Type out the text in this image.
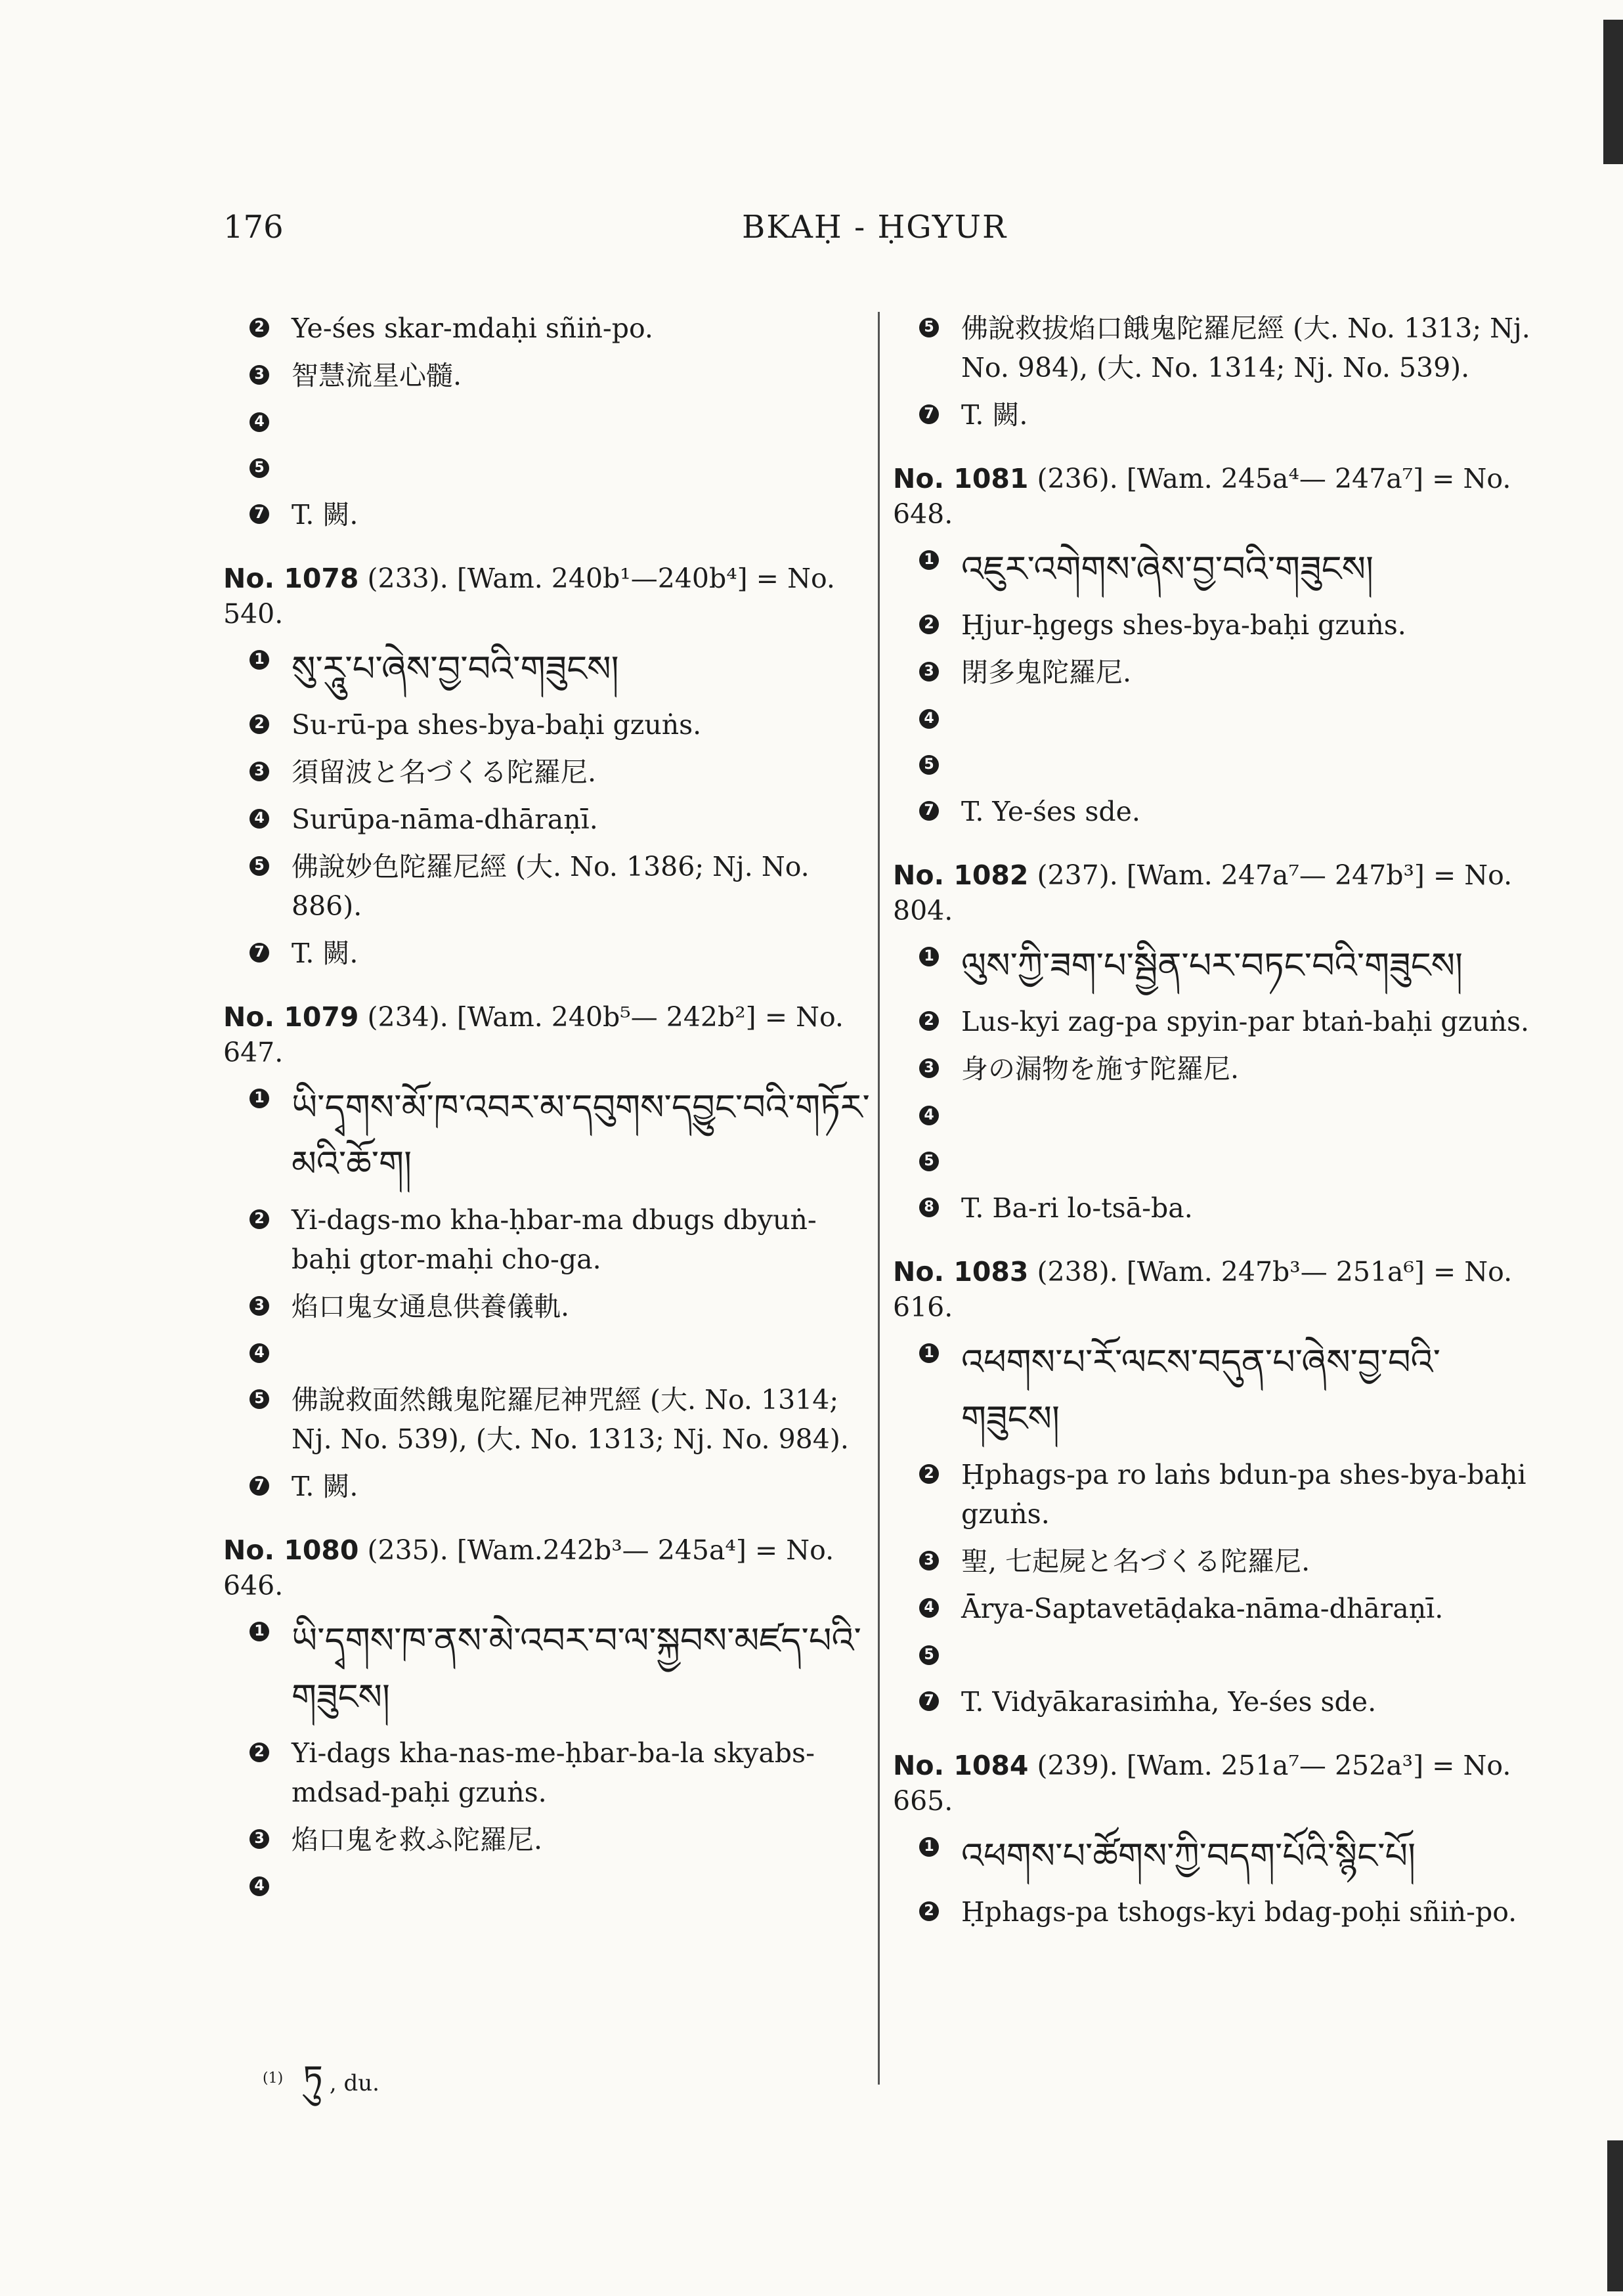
176	BKAḤ - ḤGYUR
2 Ye-śes skar-mdaḥi sñiṅ-po.
3 智慧流星心髓.
4
5
7 T. 闕.
No. 1078 (233). [Wam. 240b¹—240b⁴] = No. 540.
1 སུ་རཱུ་པ་ཞེས་བྱ་བའི་གཟུངས།
2 Su-rū-pa shes-bya-baḥi gzuṅs.
3 須留波と名づくる陀羅尼.
4 Surūpa-nāma-dhāraṇī.
5 佛說妙色陀羅尼經 (大. No. 1386; Nj. No. 886).
7 T. 闕.
No. 1079 (234). [Wam. 240b⁵— 242b²] = No. 647.
1 ཡི་དྭགས་མོ་ཁ་འབར་མ་དབུགས་དབྱུང་བའི་གཏོར་མའི་ཆོ་ག།
2 Yi-dags-mo kha-ḥbar-ma dbugs dbyuṅ-baḥi gtor-maḥi cho-ga.
3 焰口鬼女通息供養儀軌.
4
5 佛說救面然餓鬼陀羅尼神咒經 (大. No. 1314; Nj. No. 539), (大. No. 1313; Nj. No. 984).
7 T. 闕.
No. 1080 (235). [Wam.242b³— 245a⁴] = No. 646.
1 ཡི་དྭགས་ཁ་ནས་མེ་འབར་བ་ལ་སྐྱབས་མཛད་པའི་གཟུངས།
2 Yi-dags kha-nas-me-ḥbar-ba-la skyabs-mdsad-paḥi gzuṅs.
3 焰口鬼を救ふ陀羅尼.
4
5 佛說救拔焰口餓鬼陀羅尼經 (大. No. 1313; Nj. No. 984), (大. No. 1314; Nj. No. 539).
7 T. 闕.
No. 1081 (236). [Wam. 245a⁴— 247a⁷] = No. 648.
1 འཇུར་འགེགས་ཞེས་བྱ་བའི་གཟུངས།
2 Ḥjur-ḥgegs shes-bya-baḥi gzuṅs.
3 閉多鬼陀羅尼.
4
5
7 T. Ye-śes sde.
No. 1082 (237). [Wam. 247a⁷— 247b³] = No. 804.
1 ལུས་ཀྱི་ཟག་པ་སྦྱིན་པར་བཏང་བའི་གཟུངས།
2 Lus-kyi zag-pa spyin-par btaṅ-baḥi gzuṅs.
3 身の漏物を施す陀羅尼.
4
5
8 T. Ba-ri lo-tsā-ba.
No. 1083 (238). [Wam. 247b³— 251a⁶] = No. 616.
1 འཕགས་པ་རོ་ལངས་བདུན་པ་ཞེས་བྱ་བའི་གཟུངས།
2 Ḥphags-pa ro laṅs bdun-pa shes-bya-baḥi gzuṅs.
3 聖, 七起屍と名づくる陀羅尼.
4 Ārya-Saptavetāḍaka-nāma-dhāraṇī.
5
7 T. Vidyākarasiṁha, Ye-śes sde.
No. 1084 (239). [Wam. 251a⁷— 252a³] = No. 665.
1 འཕགས་པ་ཚོགས་ཀྱི་བདག་པོའི་སྙིང་པོ།
2 Ḥphags-pa tshogs-kyi bdag-poḥi sñiṅ-po.
$^{(1)}$ ཏུ , du.
